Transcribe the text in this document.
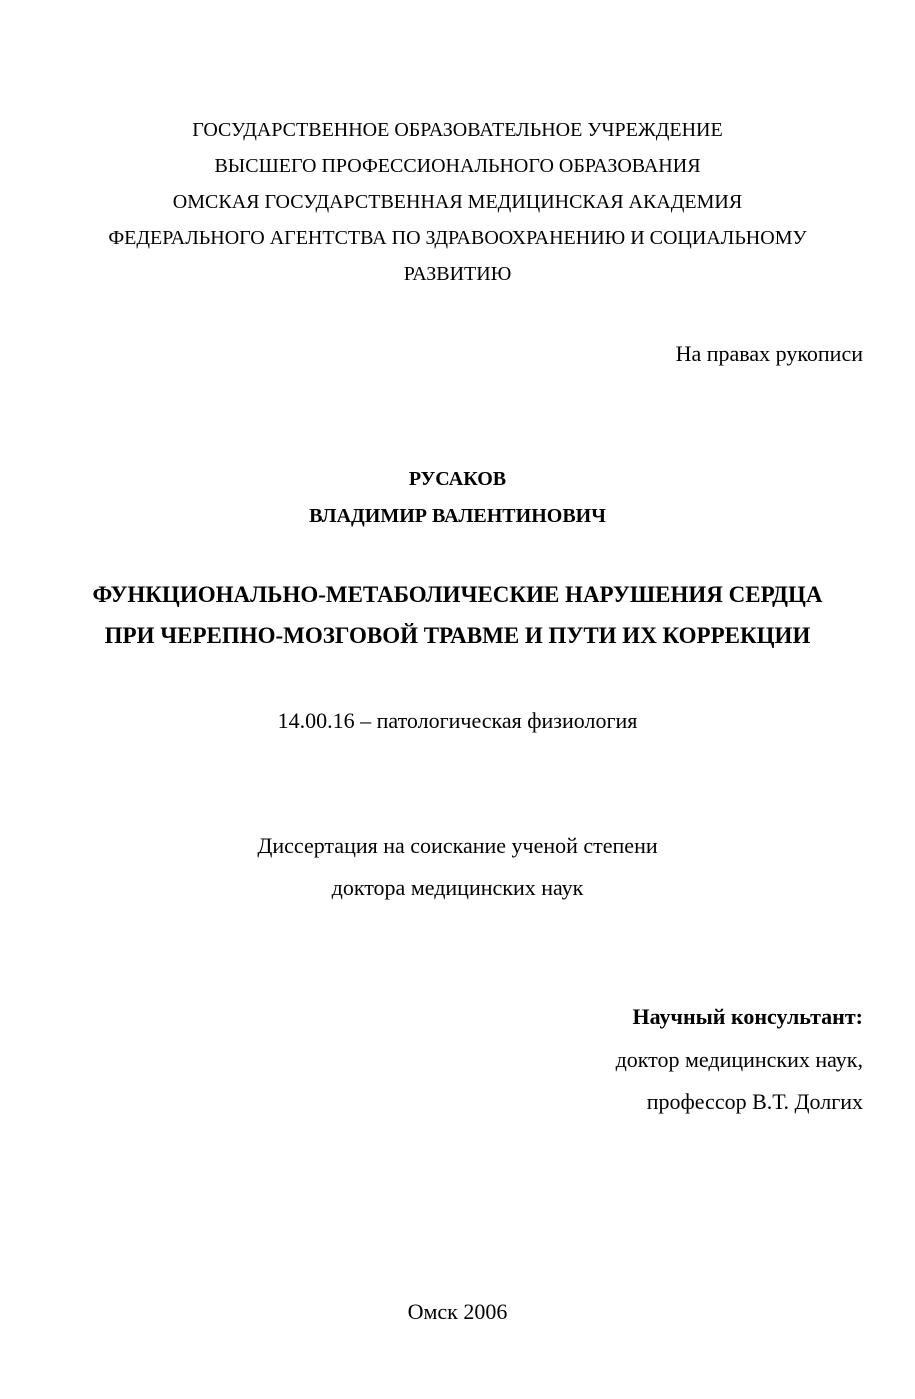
ГОСУДАРСТВЕННОЕ ОБРАЗОВАТЕЛЬНОЕ УЧРЕЖДЕНИЕ
ВЫСШЕГО ПРОФЕССИОНАЛЬНОГО ОБРАЗОВАНИЯ
ОМСКАЯ ГОСУДАРСТВЕННАЯ МЕДИЦИНСКАЯ АКАДЕМИЯ
ФЕДЕРАЛЬНОГО АГЕНТСТВА ПО ЗДРАВООХРАНЕНИЮ И СОЦИАЛЬНОМУ
РАЗВИТИЮ
На правах рукописи
РУСАКОВ
ВЛАДИМИР ВАЛЕНТИНОВИЧ
ФУНКЦИОНАЛЬНО-МЕТАБОЛИЧЕСКИЕ НАРУШЕНИЯ СЕРДЦА
ПРИ ЧЕРЕПНО-МОЗГОВОЙ ТРАВМЕ И ПУТИ ИХ КОРРЕКЦИИ
14.00.16 – патологическая физиология
Диссертация на соискание ученой степени
доктора медицинских наук
Научный консультант:
доктор медицинских наук,
профессор В.Т. Долгих
Омск 2006
